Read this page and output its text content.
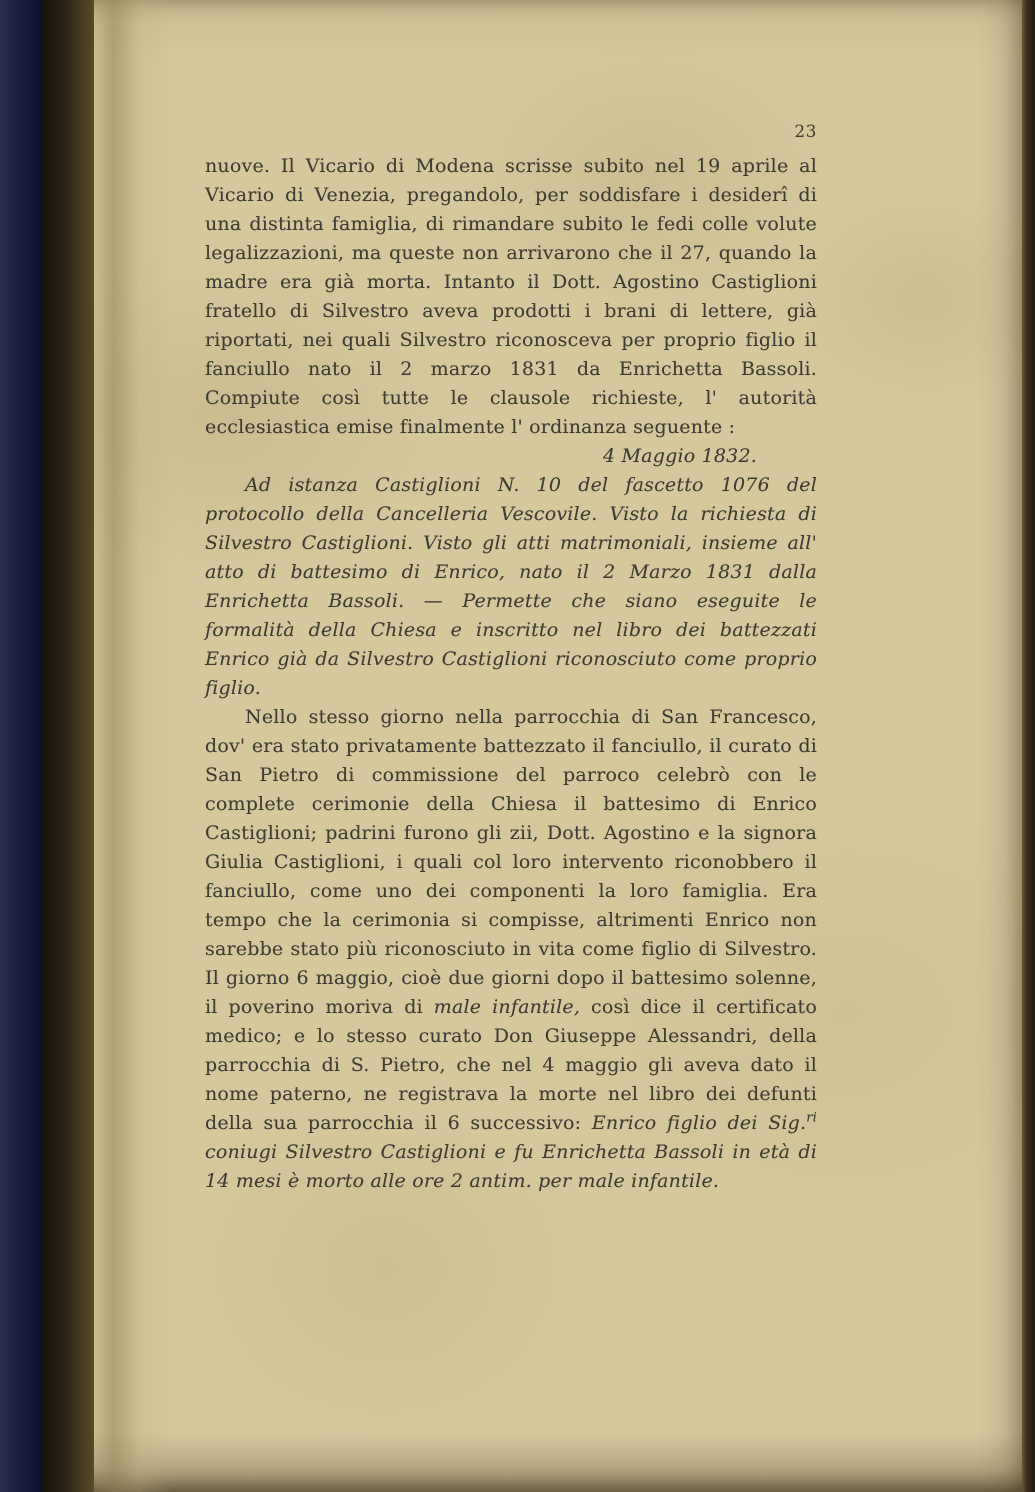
23

nuove. Il Vicario di Modena scrisse subito nel 19 aprile al Vicario di Venezia, pregandolo, per soddisfare i desiderî di una distinta famiglia, di rimandare subito le fedi colle volute legalizzazioni, ma queste non arrivarono che il 27, quando la madre era già morta. Intanto il Dott. Agostino Castiglioni fratello di Silvestro aveva prodotti i brani di lettere, già riportati, nei quali Silvestro riconosceva per proprio figlio il fanciullo nato il 2 marzo 1831 da Enrichetta Bassoli. Compiute così tutte le clausole richieste, l' autorità ecclesiastica emise finalmente l' ordinanza seguente :

4 Maggio 1832.

Ad istanza Castiglioni N. 10 del fascetto 1076 del protocollo della Cancelleria Vescovile. Visto la richiesta di Silvestro Castiglioni. Visto gli atti matrimoniali, insieme all' atto di battesimo di Enrico, nato il 2 Marzo 1831 dalla Enrichetta Bassoli. — Permette che siano eseguite le formalità della Chiesa e inscritto nel libro dei battezzati Enrico già da Silvestro Castiglioni riconosciuto come proprio figlio.

Nello stesso giorno nella parrocchia di San Francesco, dov' era stato privatamente battezzato il fanciullo, il curato di San Pietro di commissione del parroco celebrò con le complete cerimonie della Chiesa il battesimo di Enrico Castiglioni; padrini furono gli zii, Dott. Agostino e la signora Giulia Castiglioni, i quali col loro intervento riconobbero il fanciullo, come uno dei componenti la loro famiglia. Era tempo che la cerimonia si compisse, altrimenti Enrico non sarebbe stato più riconosciuto in vita come figlio di Silvestro. Il giorno 6 maggio, cioè due giorni dopo il battesimo solenne, il poverino moriva di male infantile, così dice il certificato medico; e lo stesso curato Don Giuseppe Alessandri, della parrocchia di S. Pietro, che nel 4 maggio gli aveva dato il nome paterno, ne registrava la morte nel libro dei defunti della sua parrocchia il 6 successivo: Enrico figlio dei Sig.$^{ri}$ coniugi Silvestro Castiglioni e fu Enrichetta Bassoli in età di 14 mesi è morto alle ore 2 antim. per male infantile.
